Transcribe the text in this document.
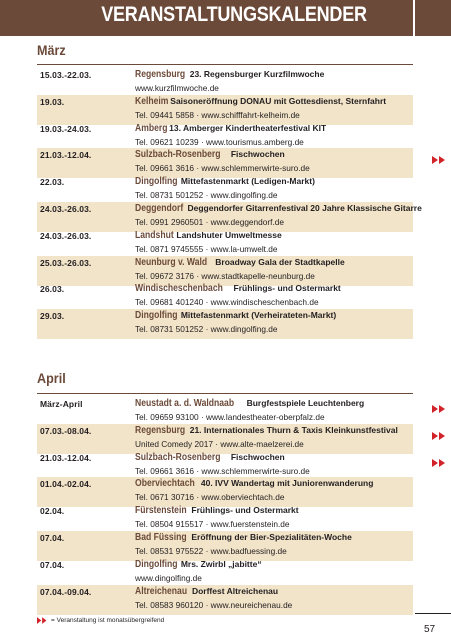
VERANSTALTUNGSKALENDER
März
15.03.-22.03.	Regensburg 23. Regensburger Kurzfilmwoche
www.kurzfilmwoche.de
19.03.	Kelheim Saisoneröffnung DONAU mit Gottesdienst, Sternfahrt
Tel. 09441 5858 · www.schifffahrt-kelheim.de
19.03.-24.03.	Amberg 13. Amberger Kindertheaterfestival KIT
Tel. 09621 10239 · www.tourismus.amberg.de
21.03.-12.04.	Sulzbach-Rosenberg Fischwochen
Tel. 09661 3616 · www.schlemmerwirte-suro.de
22.03.	Dingolfing Mittefastenmarkt (Ledigen-Markt)
Tel. 08731 501252 · www.dingolfing.de
24.03.-26.03.	Deggendorf Deggendorfer Gitarrenfestival 20 Jahre Klassische Gitarre
Tel. 0991 2960501 · www.deggendorf.de
24.03.-26.03.	Landshut Landshuter Umweltmesse
Tel. 0871 9745555 · www.la-umwelt.de
25.03.-26.03.	Neunburg v. Wald Broadway Gala der Stadtkapelle
Tel. 09672 3176 · www.stadtkapelle-neunburg.de
26.03.	Windischeschenbach Frühlings- und Ostermarkt
Tel. 09681 401240 · www.windischeschenbach.de
29.03.	Dingolfing Mittefastenmarkt (Verheirateten-Markt)
Tel. 08731 501252 · www.dingolfing.de
April
März-April	Neustadt a. d. Waldnaab Burgfestspiele Leuchtenberg
Tel. 09659 93100 · www.landestheater-oberpfalz.de
07.03.-08.04.	Regensburg 21. Internationales Thurn & Taxis Kleinkunstfestival
United Comedy 2017 · www.alte-maelzerei.de
21.03.-12.04.	Sulzbach-Rosenberg Fischwochen
Tel. 09661 3616 · www.schlemmerwirte-suro.de
01.04.-02.04.	Oberviechtach 40. IVV Wandertag mit Juniorenwanderung
Tel. 0671 30716 · www.oberviechtach.de
02.04.	Fürstenstein Frühlings- und Ostermarkt
Tel. 08504 915517 · www.fuerstenstein.de
07.04.	Bad Füssing Eröffnung der Bier-Spezialitäten-Woche
Tel. 08531 975522 · www.badfuessing.de
07.04.	Dingolfing Mrs. Zwirbl „jabitte“
www.dingolfing.de
07.04.-09.04.	Altreichenau Dorffest Altreichenau
Tel. 08583 960120 · www.neureichenau.de
= Veranstaltung ist monatsübergreifend
57
